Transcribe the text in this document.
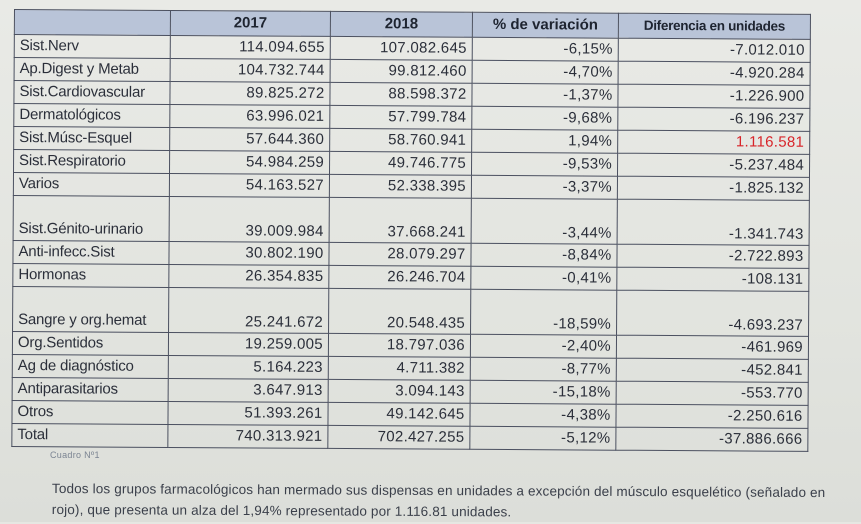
	2017	2018	% de variación	Diferencia en unidades
Sist.Nerv	114.094.655	107.082.645	-6,15%	-7.012.010
Ap.Digest y Metab	104.732.744	99.812.460	-4,70%	-4.920.284
Sist.Cardiovascular	89.825.272	88.598.372	-1,37%	-1.226.900
Dermatológicos	63.996.021	57.799.784	-9,68%	-6.196.237
Sist.Músc-Esquel	57.644.360	58.760.941	1,94%	1.116.581
Sist.Respiratorio	54.984.259	49.746.775	-9,53%	-5.237.484
Varios	54.163.527	52.338.395	-3,37%	-1.825.132
Sist.Génito-urinario	39.009.984	37.668.241	-3,44%	-1.341.743
Anti-infecc.Sist	30.802.190	28.079.297	-8,84%	-2.722.893
Hormonas	26.354.835	26.246.704	-0,41%	-108.131
Sangre y org.hemat	25.241.672	20.548.435	-18,59%	-4.693.237
Org.Sentidos	19.259.005	18.797.036	-2,40%	-461.969
Ag de diagnóstico	5.164.223	4.711.382	-8,77%	-452.841
Antiparasitarios	3.647.913	3.094.143	-15,18%	-553.770
Otros	51.393.261	49.142.645	-4,38%	-2.250.616
Total	740.313.921	702.427.255	-5,12%	-37.886.666
Cuadro Nº1
Todos los grupos farmacológicos han mermado sus dispensas en unidades a excepción del músculo esquelético (señalado en rojo), que presenta un alza del 1,94% representado por 1.116.81 unidades.
